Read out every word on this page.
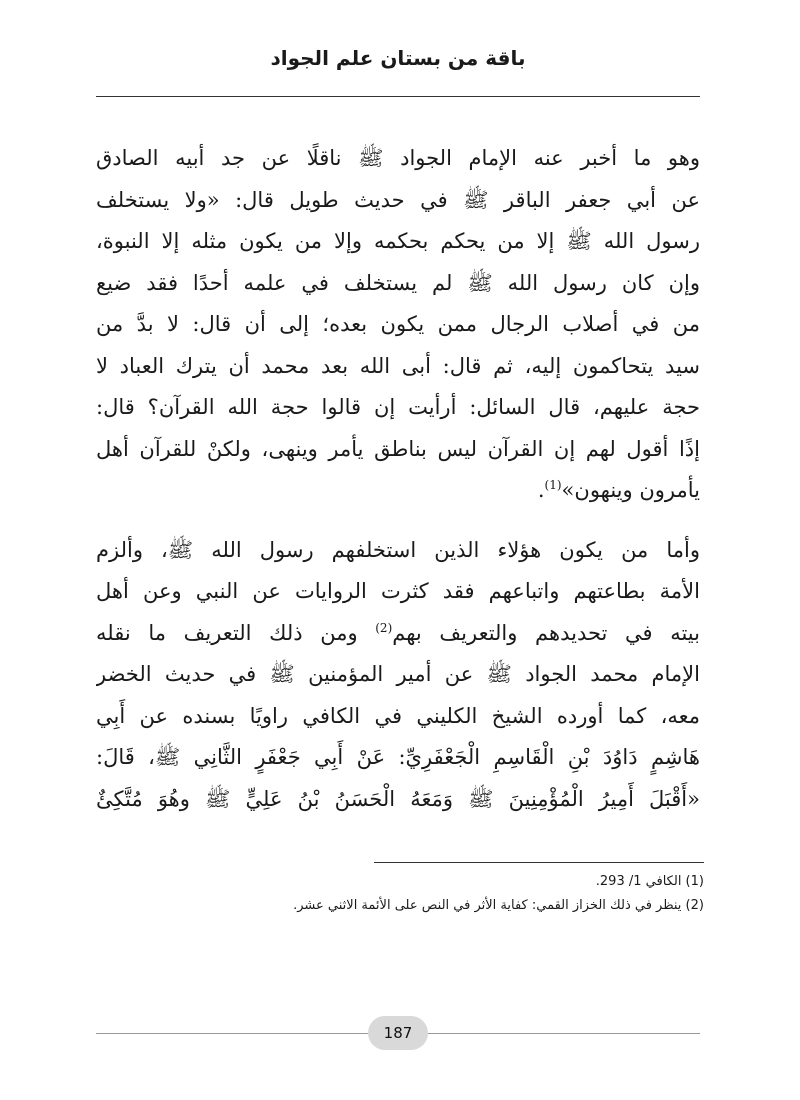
باقة من بستان علم الجواد
وهو ما أخبر عنه الإمام الجواد ﷺ ناقلًا عن جد أبيه الصادق
عن أبي جعفر الباقر ﷺ في حديث طويل قال: «ولا يستخلف
رسول الله ﷺ إلا من يحكم بحكمه وإلا من يكون مثله إلا النبوة،
وإن كان رسول الله ﷺ لم يستخلف في علمه أحدًا فقد ضيع
من في أصلاب الرجال ممن يكون بعده؛ إلى أن قال: لا بدَّ من
سيد يتحاكمون إليه، ثم قال: أبى الله بعد محمد أن يترك العباد لا
حجة عليهم، قال السائل: أرأيت إن قالوا حجة الله القرآن؟ قال:
إذًا أقول لهم إن القرآن ليس بناطق يأمر وينهى، ولكنْ للقرآن أهل
يأمرون وينهون»$^{(1)}$.
وأما من يكون هؤلاء الذين استخلفهم رسول الله ﷺ، وألزم
الأمة بطاعتهم واتباعهم فقد كثرت الروايات عن النبي وعن أهل
بيته في تحديدهم والتعريف بهم$^{(2)}$ ومن ذلك التعريف ما نقله
الإمام محمد الجواد ﷺ عن أمير المؤمنين ﷺ في حديث الخضر
معه، كما أورده الشيخ الكليني في الكافي راويًا بسنده عن أَبِي
هَاشِمٍ دَاوُدَ بْنِ الْقَاسِمِ الْجَعْفَرِيِّ: عَنْ أَبِي جَعْفَرٍ الثَّانِي ﷺ، قَالَ:
«أَقْبَلَ أَمِيرُ الْمُؤْمِنِينَ ﷺ وَمَعَهُ الْحَسَنُ بْنُ عَلِيٍّ ﷺ وهُوَ مُتَّكِئٌ
(1) الكافي 1/ 293.
(2) ينظر في ذلك الخزاز القمي: كفاية الأثر في النص على الأئمة الاثني عشر.
187
